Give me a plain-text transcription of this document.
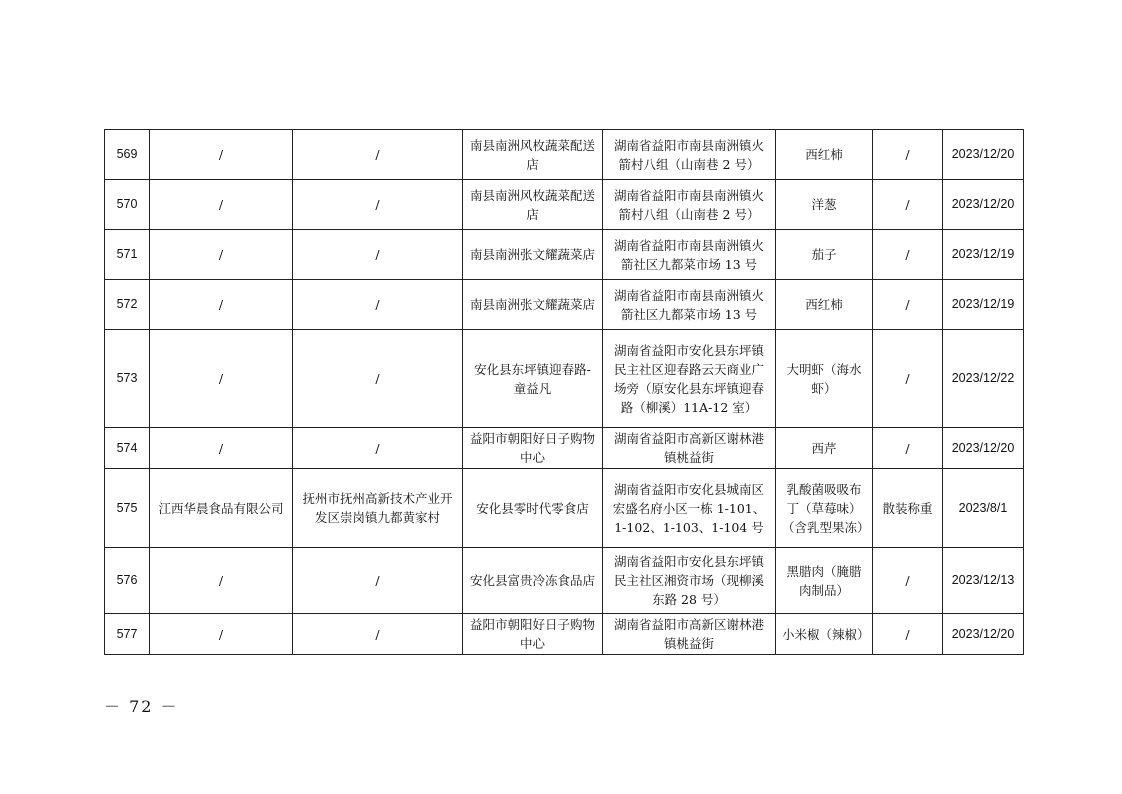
569	/	/	南县南洲风枚蔬菜配送店	湖南省益阳市南县南洲镇火箭村八组（山南巷 2 号）	西红柿	/	2023/12/20
570	/	/	南县南洲风枚蔬菜配送店	湖南省益阳市南县南洲镇火箭村八组（山南巷 2 号）	洋葱	/	2023/12/20
571	/	/	南县南洲张文耀蔬菜店	湖南省益阳市南县南洲镇火箭社区九都菜市场 13 号	茄子	/	2023/12/19
572	/	/	南县南洲张文耀蔬菜店	湖南省益阳市南县南洲镇火箭社区九都菜市场 13 号	西红柿	/	2023/12/19
573	/	/	安化县东坪镇迎春路-童益凡	湖南省益阳市安化县东坪镇民主社区迎春路云天商业广场旁（原安化县东坪镇迎春路（柳溪）11A-12 室）	大明虾（海水虾）	/	2023/12/22
574	/	/	益阳市朝阳好日子购物中心	湖南省益阳市高新区谢林港镇桃益街	西芹	/	2023/12/20
575	江西华晨食品有限公司	抚州市抚州高新技术产业开发区崇岗镇九都黄家村	安化县零时代零食店	湖南省益阳市安化县城南区宏盛名府小区一栋 1-101、1-102、1-103、1-104 号	乳酸菌吸吸布丁（草莓味）（含乳型果冻）	散装称重	2023/8/1
576	/	/	安化县富贵冷冻食品店	湖南省益阳市安化县东坪镇民主社区湘资市场（现柳溪东路 28 号）	黑腊肉（腌腊肉制品）	/	2023/12/13
577	/	/	益阳市朝阳好日子购物中心	湖南省益阳市高新区谢林港镇桃益街	小米椒（辣椒）	/	2023/12/20
－ 72 －
